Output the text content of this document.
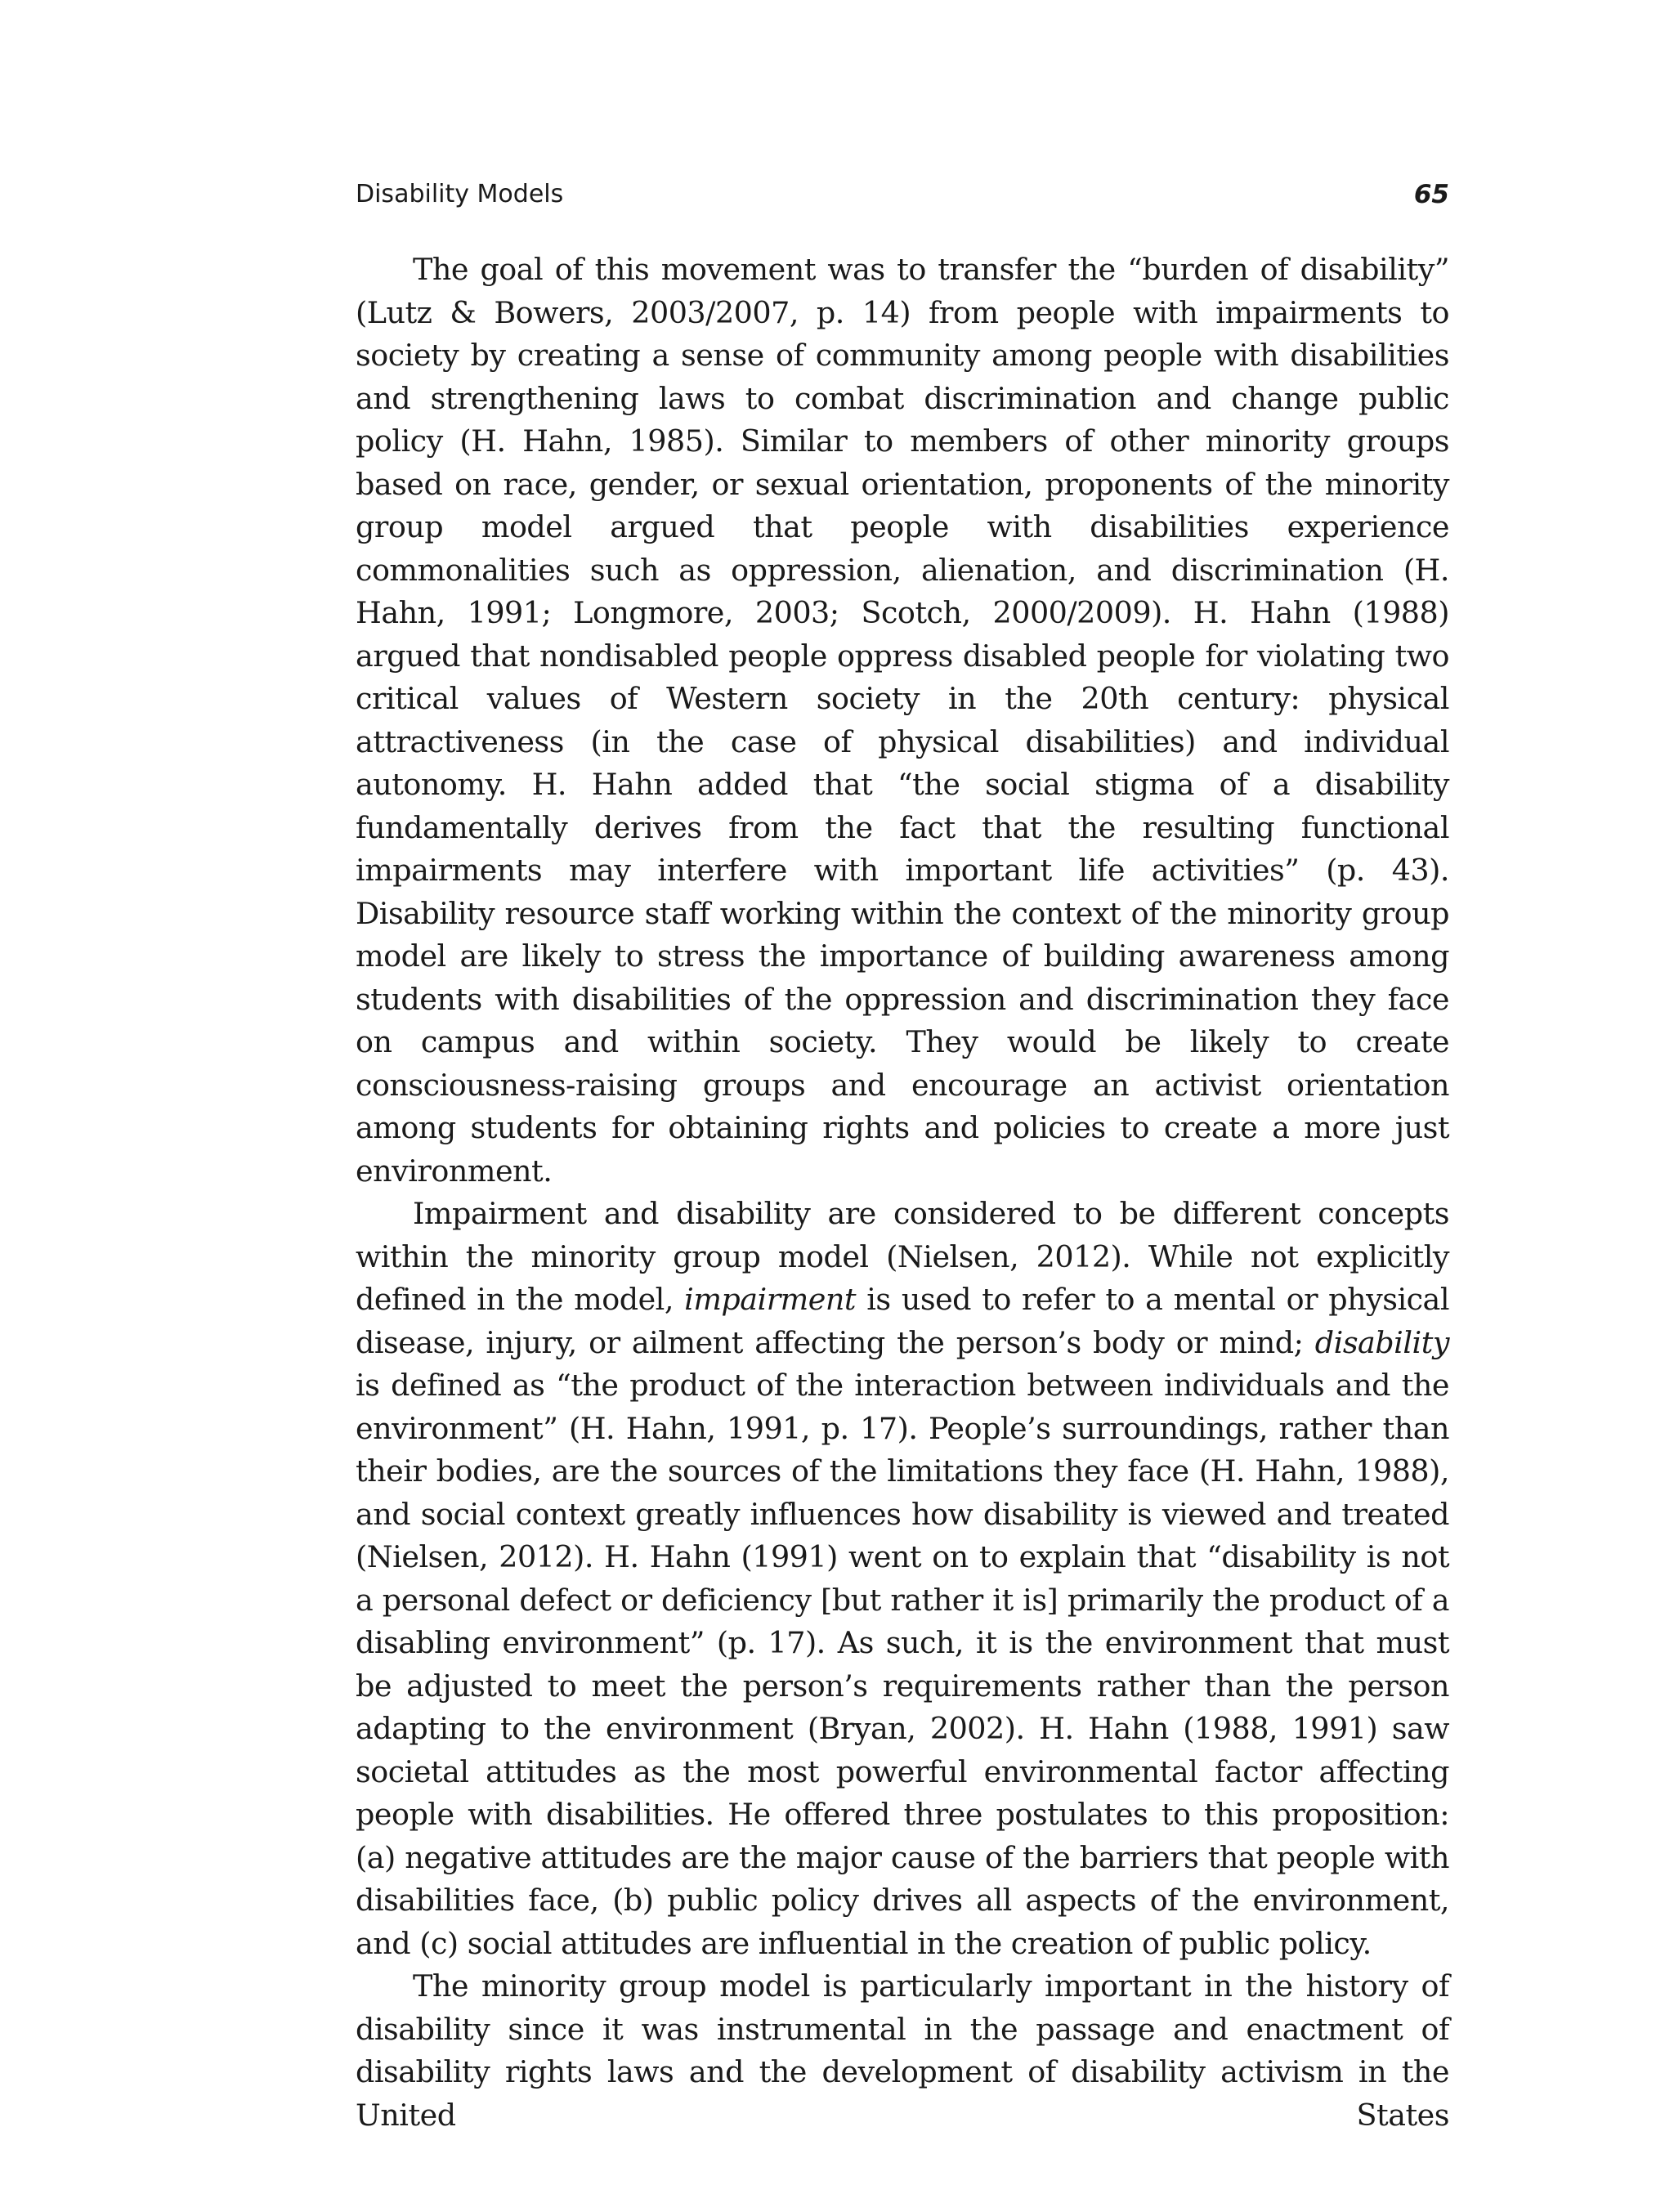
Disability Models	65

The goal of this movement was to transfer the “burden of disability” (Lutz & Bowers, 2003/2007, p. 14) from people with impairments to society by creating a sense of community among people with disabilities and strengthening laws to combat discrimination and change public policy (H. Hahn, 1985). Similar to members of other minority groups based on race, gender, or sexual orientation, proponents of the minority group model argued that people with disabilities experience commonalities such as oppression, alienation, and discrimination (H. Hahn, 1991; Longmore, 2003; Scotch, 2000/2009). H. Hahn (1988) argued that nondisabled people oppress disabled people for violating two critical values of Western society in the 20th century: physical attractiveness (in the case of physical disabilities) and individual autonomy. H. Hahn added that “the social stigma of a disability fundamentally derives from the fact that the resulting functional impairments may interfere with important life activities” (p. 43). Disability resource staff working within the context of the minority group model are likely to stress the importance of building awareness among students with disabilities of the oppression and discrimination they face on campus and within society. They would be likely to create consciousness-raising groups and encourage an activist orientation among students for obtaining rights and policies to create a more just environment.

Impairment and disability are considered to be different concepts within the minority group model (Nielsen, 2012). While not explicitly defined in the model, impairment is used to refer to a mental or physical disease, injury, or ailment affecting the person’s body or mind; disability is defined as “the product of the interaction between individuals and the environment” (H. Hahn, 1991, p. 17). People’s surroundings, rather than their bodies, are the sources of the limitations they face (H. Hahn, 1988), and social context greatly influences how disability is viewed and treated (Nielsen, 2012). H. Hahn (1991) went on to explain that “disability is not a personal defect or deficiency [but rather it is] primarily the product of a disabling environment” (p. 17). As such, it is the environment that must be adjusted to meet the person’s requirements rather than the person adapting to the environment (Bryan, 2002). H. Hahn (1988, 1991) saw societal attitudes as the most powerful environmental factor affecting people with disabilities. He offered three postulates to this proposition: (a) negative attitudes are the major cause of the barriers that people with disabilities face, (b) public policy drives all aspects of the environment, and (c) social attitudes are influential in the creation of public policy.

The minority group model is particularly important in the history of disability since it was instrumental in the passage and enactment of disability rights laws and the development of disability activism in the United States
